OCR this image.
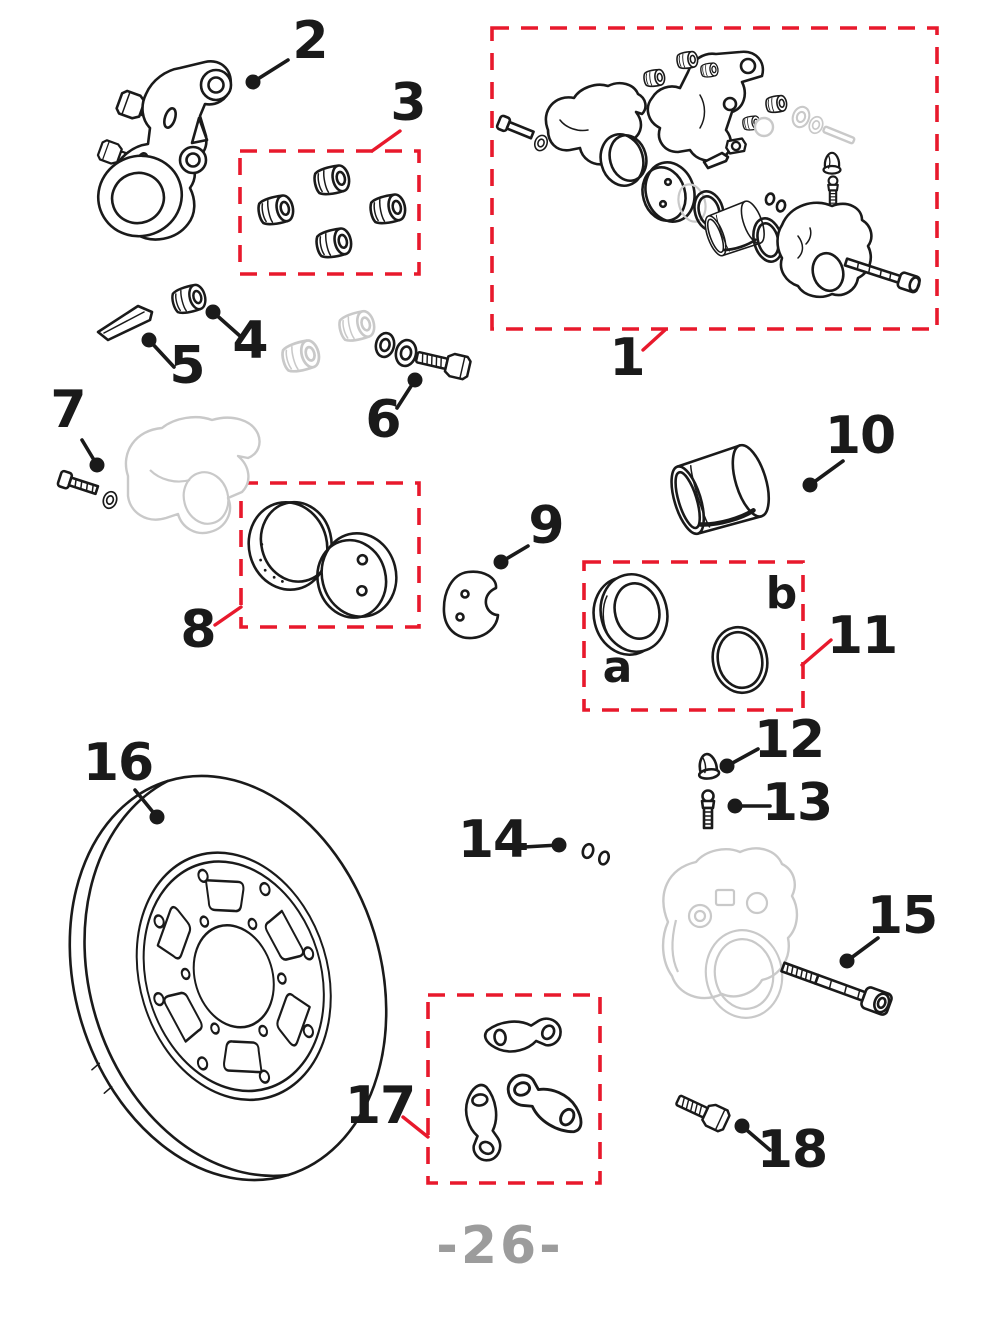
1
2
3
4
5
6
7
8
9
10
11
12
13
14
15
16
17
18
a
b
-26-
